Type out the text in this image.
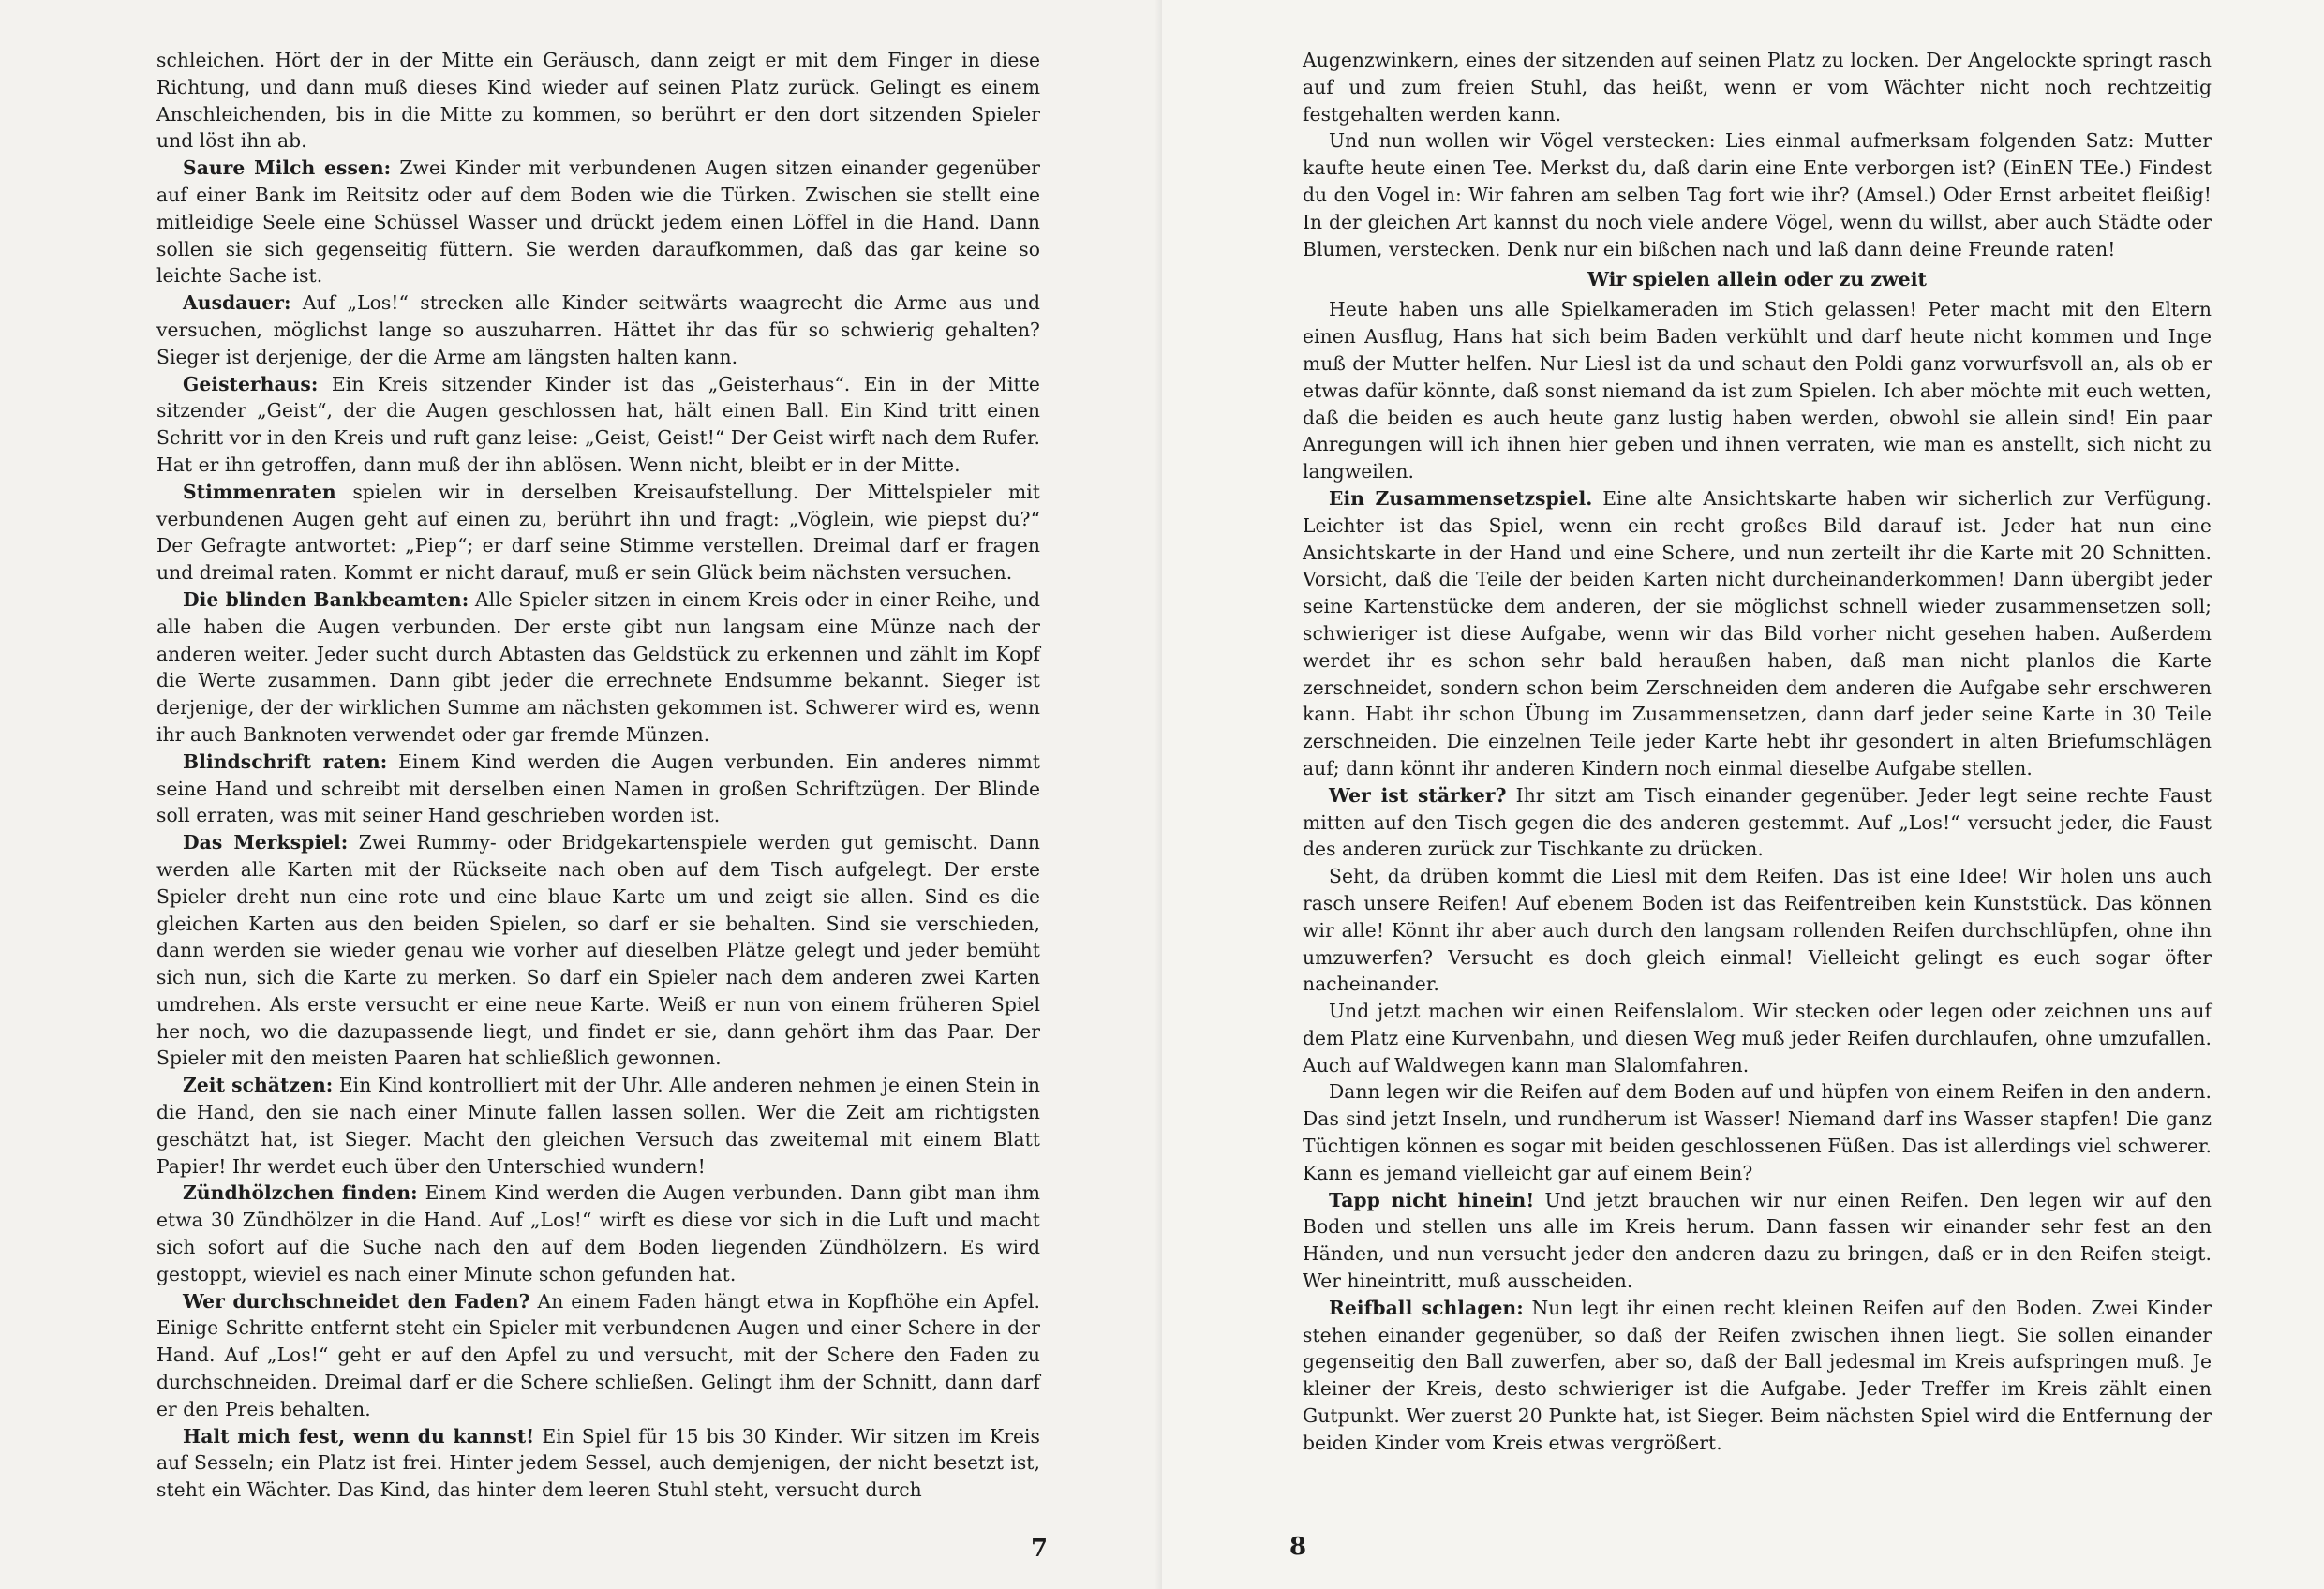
schleichen. Hört der in der Mitte ein Geräusch, dann zeigt er mit dem Finger in diese Richtung, und dann muß dieses Kind wieder auf seinen Platz zurück. Gelingt es einem Anschleichenden, bis in die Mitte zu kommen, so berührt er den dort sitzenden Spieler und löst ihn ab.

Saure Milch essen: Zwei Kinder mit verbundenen Augen sitzen einander gegenüber auf einer Bank im Reitsitz oder auf dem Boden wie die Türken. Zwischen sie stellt eine mitleidige Seele eine Schüssel Wasser und drückt jedem einen Löffel in die Hand. Dann sollen sie sich gegenseitig füttern. Sie werden daraufkommen, daß das gar keine so leichte Sache ist.

Ausdauer: Auf „Los!“ strecken alle Kinder seitwärts waagrecht die Arme aus und versuchen, möglichst lange so auszuharren. Hättet ihr das für so schwierig gehalten? Sieger ist derjenige, der die Arme am längsten halten kann.

Geisterhaus: Ein Kreis sitzender Kinder ist das „Geisterhaus“. Ein in der Mitte sitzender „Geist“, der die Augen geschlossen hat, hält einen Ball. Ein Kind tritt einen Schritt vor in den Kreis und ruft ganz leise: „Geist, Geist!“ Der Geist wirft nach dem Rufer. Hat er ihn getroffen, dann muß der ihn ablösen. Wenn nicht, bleibt er in der Mitte.

Stimmenraten spielen wir in derselben Kreisaufstellung. Der Mittelspieler mit verbundenen Augen geht auf einen zu, berührt ihn und fragt: „Vöglein, wie piepst du?“ Der Gefragte antwortet: „Piep“; er darf seine Stimme verstellen. Dreimal darf er fragen und dreimal raten. Kommt er nicht darauf, muß er sein Glück beim nächsten versuchen.

Die blinden Bankbeamten: Alle Spieler sitzen in einem Kreis oder in einer Reihe, und alle haben die Augen verbunden. Der erste gibt nun langsam eine Münze nach der anderen weiter. Jeder sucht durch Abtasten das Geldstück zu erkennen und zählt im Kopf die Werte zusammen. Dann gibt jeder die errechnete Endsumme bekannt. Sieger ist derjenige, der der wirklichen Summe am nächsten gekommen ist. Schwerer wird es, wenn ihr auch Banknoten verwendet oder gar fremde Münzen.

Blindschrift raten: Einem Kind werden die Augen verbunden. Ein anderes nimmt seine Hand und schreibt mit derselben einen Namen in großen Schriftzügen. Der Blinde soll erraten, was mit seiner Hand geschrieben worden ist.

Das Merkspiel: Zwei Rummy- oder Bridgekartenspiele werden gut gemischt. Dann werden alle Karten mit der Rückseite nach oben auf dem Tisch aufgelegt. Der erste Spieler dreht nun eine rote und eine blaue Karte um und zeigt sie allen. Sind es die gleichen Karten aus den beiden Spielen, so darf er sie behalten. Sind sie verschieden, dann werden sie wieder genau wie vorher auf dieselben Plätze gelegt und jeder bemüht sich nun, sich die Karte zu merken. So darf ein Spieler nach dem anderen zwei Karten umdrehen. Als erste versucht er eine neue Karte. Weiß er nun von einem früheren Spiel her noch, wo die dazupassende liegt, und findet er sie, dann gehört ihm das Paar. Der Spieler mit den meisten Paaren hat schließlich gewonnen.

Zeit schätzen: Ein Kind kontrolliert mit der Uhr. Alle anderen nehmen je einen Stein in die Hand, den sie nach einer Minute fallen lassen sollen. Wer die Zeit am richtigsten geschätzt hat, ist Sieger. Macht den gleichen Versuch das zweitemal mit einem Blatt Papier! Ihr werdet euch über den Unterschied wundern!

Zündhölzchen finden: Einem Kind werden die Augen verbunden. Dann gibt man ihm etwa 30 Zündhölzer in die Hand. Auf „Los!“ wirft es diese vor sich in die Luft und macht sich sofort auf die Suche nach den auf dem Boden liegenden Zündhölzern. Es wird gestoppt, wieviel es nach einer Minute schon gefunden hat.

Wer durchschneidet den Faden? An einem Faden hängt etwa in Kopfhöhe ein Apfel. Einige Schritte entfernt steht ein Spieler mit verbundenen Augen und einer Schere in der Hand. Auf „Los!“ geht er auf den Apfel zu und versucht, mit der Schere den Faden zu durchschneiden. Dreimal darf er die Schere schließen. Gelingt ihm der Schnitt, dann darf er den Preis behalten.

Halt mich fest, wenn du kannst! Ein Spiel für 15 bis 30 Kinder. Wir sitzen im Kreis auf Sesseln; ein Platz ist frei. Hinter jedem Sessel, auch demjenigen, der nicht besetzt ist, steht ein Wächter. Das Kind, das hinter dem leeren Stuhl steht, versucht durch

7

Augenzwinkern, eines der sitzenden auf seinen Platz zu locken. Der Angelockte springt rasch auf und zum freien Stuhl, das heißt, wenn er vom Wächter nicht noch rechtzeitig festgehalten werden kann.

Und nun wollen wir Vögel verstecken: Lies einmal aufmerksam folgenden Satz: Mutter kaufte heute einen Tee. Merkst du, daß darin eine Ente verborgen ist? (EinEN TEe.) Findest du den Vogel in: Wir fahren am selben Tag fort wie ihr? (Amsel.) Oder Ernst arbeitet fleißig! In der gleichen Art kannst du noch viele andere Vögel, wenn du willst, aber auch Städte oder Blumen, verstecken. Denk nur ein bißchen nach und laß dann deine Freunde raten!

Wir spielen allein oder zu zweit

Heute haben uns alle Spielkameraden im Stich gelassen! Peter macht mit den Eltern einen Ausflug, Hans hat sich beim Baden verkühlt und darf heute nicht kommen und Inge muß der Mutter helfen. Nur Liesl ist da und schaut den Poldi ganz vorwurfsvoll an, als ob er etwas dafür könnte, daß sonst niemand da ist zum Spielen. Ich aber möchte mit euch wetten, daß die beiden es auch heute ganz lustig haben werden, obwohl sie allein sind! Ein paar Anregungen will ich ihnen hier geben und ihnen verraten, wie man es anstellt, sich nicht zu langweilen.

Ein Zusammensetzspiel. Eine alte Ansichtskarte haben wir sicherlich zur Verfügung. Leichter ist das Spiel, wenn ein recht großes Bild darauf ist. Jeder hat nun eine Ansichtskarte in der Hand und eine Schere, und nun zerteilt ihr die Karte mit 20 Schnitten. Vorsicht, daß die Teile der beiden Karten nicht durcheinanderkommen! Dann übergibt jeder seine Kartenstücke dem anderen, der sie möglichst schnell wieder zusammensetzen soll; schwieriger ist diese Aufgabe, wenn wir das Bild vorher nicht gesehen haben. Außerdem werdet ihr es schon sehr bald heraußen haben, daß man nicht planlos die Karte zerschneidet, sondern schon beim Zerschneiden dem anderen die Aufgabe sehr erschweren kann. Habt ihr schon Übung im Zusammensetzen, dann darf jeder seine Karte in 30 Teile zerschneiden. Die einzelnen Teile jeder Karte hebt ihr gesondert in alten Briefumschlägen auf; dann könnt ihr anderen Kindern noch einmal dieselbe Aufgabe stellen.

Wer ist stärker? Ihr sitzt am Tisch einander gegenüber. Jeder legt seine rechte Faust mitten auf den Tisch gegen die des anderen gestemmt. Auf „Los!“ versucht jeder, die Faust des anderen zurück zur Tischkante zu drücken.

Seht, da drüben kommt die Liesl mit dem Reifen. Das ist eine Idee! Wir holen uns auch rasch unsere Reifen! Auf ebenem Boden ist das Reifentreiben kein Kunststück. Das können wir alle! Könnt ihr aber auch durch den langsam rollenden Reifen durchschlüpfen, ohne ihn umzuwerfen? Versucht es doch gleich einmal! Vielleicht gelingt es euch sogar öfter nacheinander.

Und jetzt machen wir einen Reifenslalom. Wir stecken oder legen oder zeichnen uns auf dem Platz eine Kurvenbahn, und diesen Weg muß jeder Reifen durchlaufen, ohne umzufallen. Auch auf Waldwegen kann man Slalomfahren.

Dann legen wir die Reifen auf dem Boden auf und hüpfen von einem Reifen in den andern. Das sind jetzt Inseln, und rundherum ist Wasser! Niemand darf ins Wasser stapfen! Die ganz Tüchtigen können es sogar mit beiden geschlossenen Füßen. Das ist allerdings viel schwerer. Kann es jemand vielleicht gar auf einem Bein?

Tapp nicht hinein! Und jetzt brauchen wir nur einen Reifen. Den legen wir auf den Boden und stellen uns alle im Kreis herum. Dann fassen wir einander sehr fest an den Händen, und nun versucht jeder den anderen dazu zu bringen, daß er in den Reifen steigt. Wer hineintritt, muß ausscheiden.

Reifball schlagen: Nun legt ihr einen recht kleinen Reifen auf den Boden. Zwei Kinder stehen einander gegenüber, so daß der Reifen zwischen ihnen liegt. Sie sollen einander gegenseitig den Ball zuwerfen, aber so, daß der Ball jedesmal im Kreis aufspringen muß. Je kleiner der Kreis, desto schwieriger ist die Aufgabe. Jeder Treffer im Kreis zählt einen Gutpunkt. Wer zuerst 20 Punkte hat, ist Sieger. Beim nächsten Spiel wird die Entfernung der beiden Kinder vom Kreis etwas vergrößert.

8
